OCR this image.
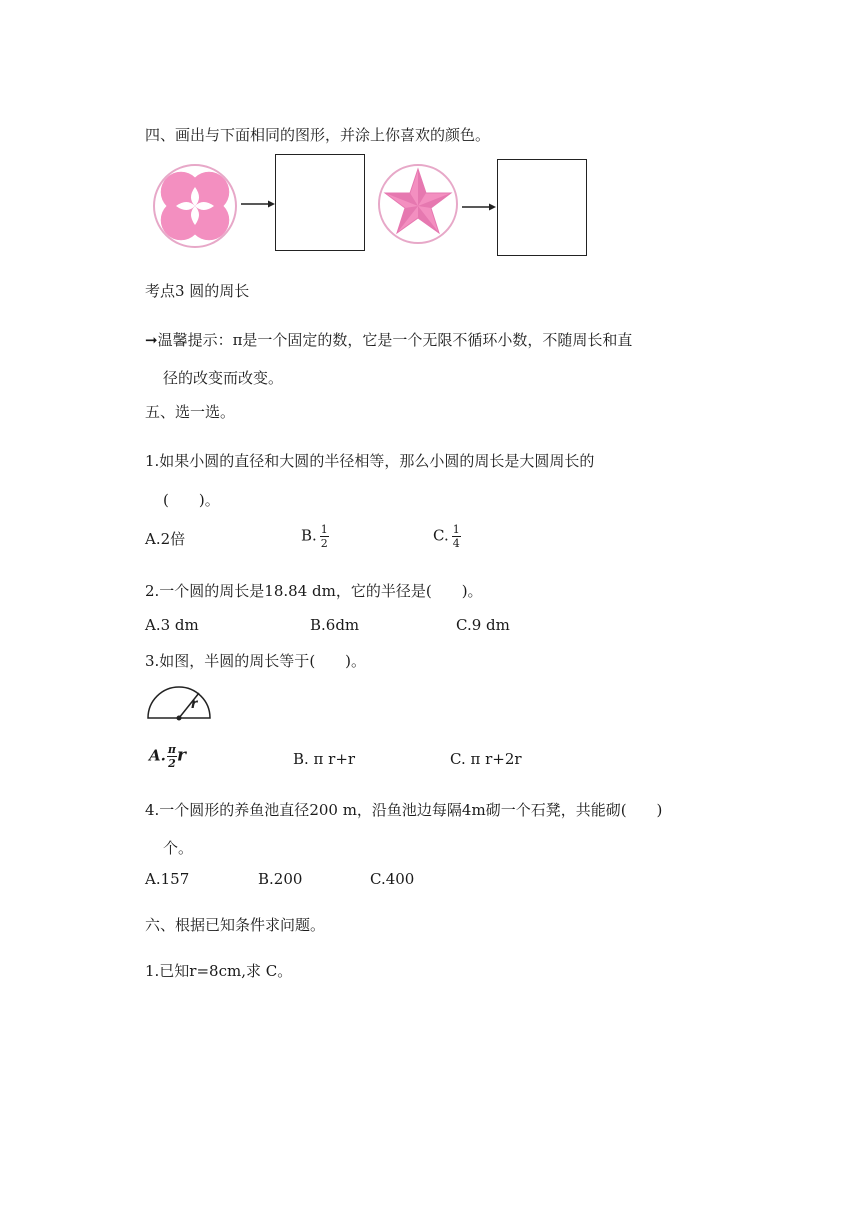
四、画出与下面相同的图形，并涂上你喜欢的颜色。
考点3 圆的周长
➞温馨提示：π是一个固定的数，它是一个无限不循环小数，不随周长和直
径的改变而改变。
五、选一选。
1.如果小圆的直径和大圆的半径相等，那么小圆的周长是大圆周长的
(　　)。
A.2倍	B. $\frac{1}{2}$	C. $\frac{1}{4}$
2.一个圆的周长是18.84 dm，它的半径是(　　)。
A.3 dm	B.6dm	C.9 dm
3.如图，半圆的周长等于(　　)。
r
A. $\frac{\pi}{2}$ r	B. π r+r	C. π r+2r
4.一个圆形的养鱼池直径200 m，沿鱼池边每隔4m砌一个石凳，共能砌(　　)
个。
A.157	B.200	C.400
六、根据已知条件求问题。
1.已知r=8cm,求 C。
